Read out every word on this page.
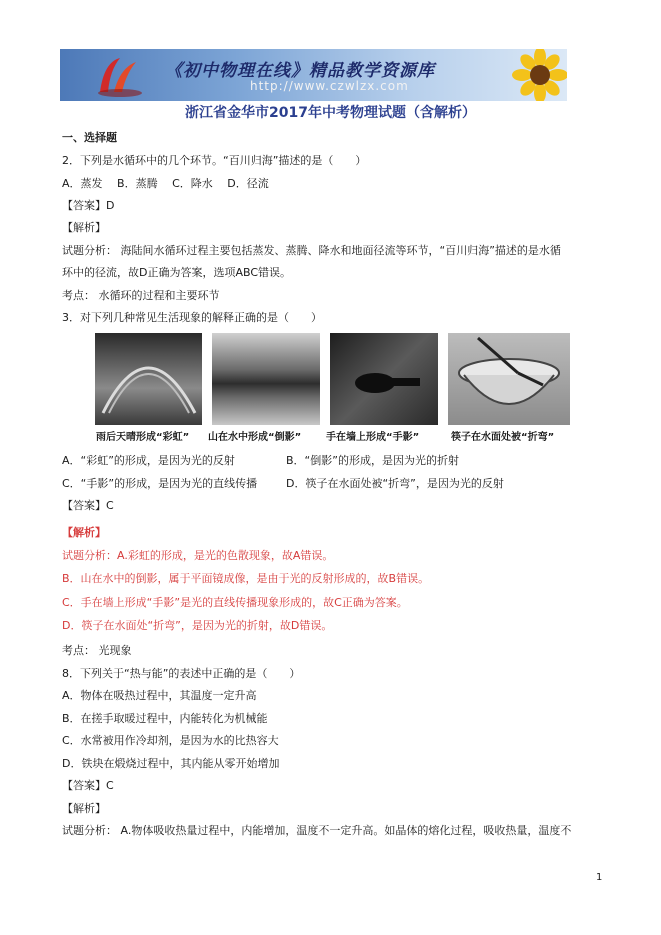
《初中物理在线》精品教学资源库
http://www.czwlzx.com
浙江省金华市2017年中考物理试题（含解析）
一、选择题
2．下列是水循环中的几个环节。“百川归海”描述的是（　　）
A．蒸发　 B．蒸腾　 C．降水　 D．径流
【答案】D
【解析】
试题分析： 海陆间水循环过程主要包括蒸发、蒸腾、降水和地面径流等环节，“百川归海”描述的是水循
环中的径流，故D正确为答案，选项ABC错误。
考点： 水循环的过程和主要环节
3．对下列几种常见生活现象的解释正确的是（　　）
雨后天晴形成“彩虹” 山在水中形成“倒影” 手在墙上形成“手影”	筷子在水面处被“折弯”
A．“彩虹”的形成，是因为光的反射	B．“倒影”的形成，是因为光的折射
C．“手影”的形成，是因为光的直线传播	D．筷子在水面处被“折弯”，是因为光的反射
【答案】C
【解析】
试题分析：A.彩虹的形成，是光的色散现象，故A错误。
B．山在水中的倒影，属于平面镜成像，是由于光的反射形成的，故B错误。
C．手在墙上形成“手影”是光的直线传播现象形成的，故C正确为答案。
D．筷子在水面处“折弯”，是因为光的折射，故D错误。
考点： 光现象
8．下列关于“热与能”的表述中正确的是（　　）
A．物体在吸热过程中，其温度一定升高
B．在搓手取暖过程中，内能转化为机械能
C．水常被用作冷却剂，是因为水的比热容大
D．铁块在煅烧过程中，其内能从零开始增加
【答案】C
【解析】
试题分析： A.物体吸收热量过程中，内能增加，温度不一定升高。如晶体的熔化过程，吸收热量，温度不
1
